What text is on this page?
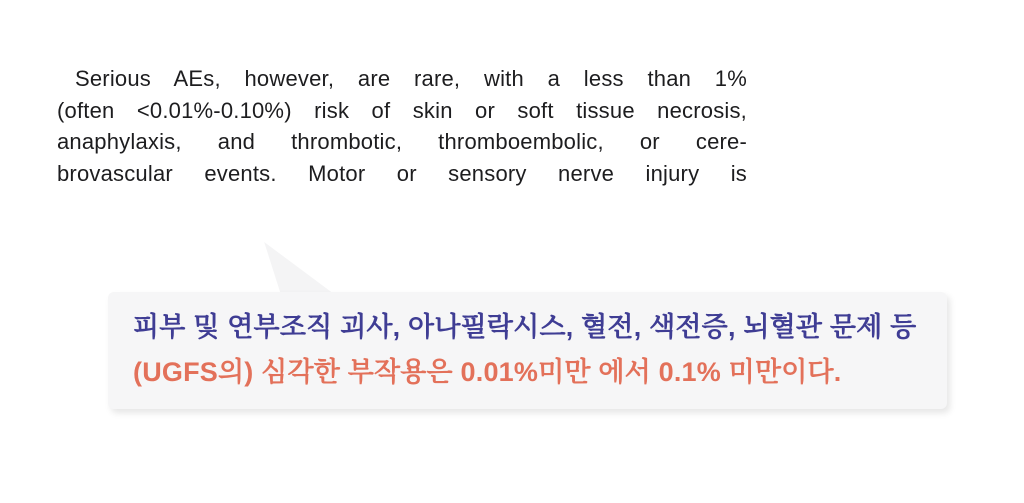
Serious AEs, however, are rare, with a less than 1%
(often <0.01%-0.10%) risk of skin or soft tissue necrosis,
anaphylaxis, and thrombotic, thromboembolic, or cere-
brovascular events. Motor or sensory nerve injury is
피부 및 연부조직 괴사, 아나필락시스, 혈전, 색전증, 뇌혈관 문제 등
(UGFS의) 심각한 부작용은 0.01%미만 에서 0.1% 미만이다.
